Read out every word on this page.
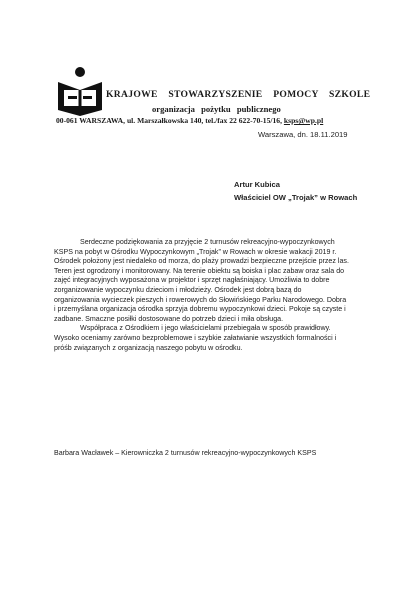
KRAJOWE STOWARZYSZENIE POMOCY SZKOLE
organizacja pożytku publicznego
00-061 WARSZAWA, ul. Marszałkowska 140, tel./fax 22 622-70-15/16, ksps@wp.pl
Warszawa, dn. 18.11.2019
Artur Kubica
Właściciel OW „Trojak” w Rowach
Serdeczne podziękowania za przyjęcie 2 turnusów rekreacyjno-wypoczynkowych
KSPS na pobyt w Ośrodku Wypoczynkowym „Trojak” w Rowach w okresie wakacji 2019 r.
Ośrodek położony jest niedaleko od morza, do plaży prowadzi bezpieczne przejście przez las.
Teren jest ogrodzony i monitorowany. Na terenie obiektu są boiska i plac zabaw oraz sala do
zajęć integracyjnych wyposażona w projektor i sprzęt nagłaśniający. Umożliwia to dobre
zorganizowanie wypoczynku dzieciom i młodzieży. Ośrodek jest dobrą bazą do
organizowania wycieczek pieszych i rowerowych do Słowińskiego Parku Narodowego. Dobra
i przemyślana organizacja ośrodka sprzyja dobremu wypoczynkowi dzieci. Pokoje są czyste i
zadbane. Smaczne posiłki dostosowane do potrzeb dzieci i miła obsługa.
Współpraca z Ośrodkiem i jego właścicielami przebiegała w sposób prawidłowy.
Wysoko oceniamy zarówno bezproblemowe i szybkie załatwianie wszystkich formalności i
próśb związanych z organizacją naszego pobytu w ośrodku.
Barbara Wacławek – Kierowniczka 2 turnusów rekreacyjno-wypoczynkowych KSPS
